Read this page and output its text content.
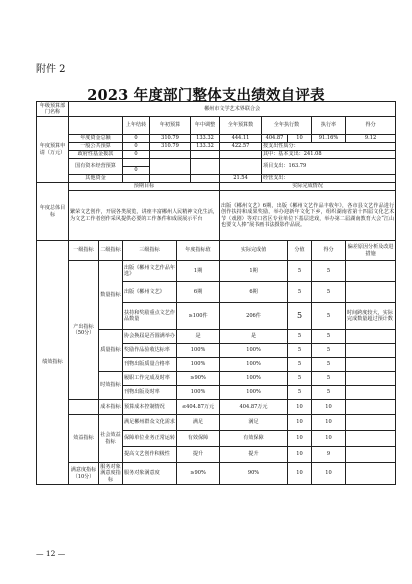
附件 2
2023 年度部门整体支出绩效自评表
年级预算部门名称	郴州市文学艺术界联合会										
年度预算申请（万元）			上年结转	年初预算		年中调整	全年预算数	全年执行数		执行率	得分
	年度资金总额		0	310.79		133.32	444.11	404.87	10	91.16%	9.12
	一般公共预算		0	310.79		133.32	422.57	按支出性质分：			
	政府性基金拨款		0					其中：基本支出：241.08			
	国有资本经营预算							项目支出：163.79			
			0								
	其他资金						21.54	经营支出：			
年度总体目标	预期目标						实际完成情况				
	繁荣文艺创作，开展各类展览，讲座丰富郴州人民精神文化生活，为文艺工作者创作采风提供必要的工作条件和成展展示平台						出版《郴州文艺》6期，出版《郴州文艺作品丰收年》，各市县文艺作品进行创作扶持和成果奖励，举办迎新年文化下乡，组织湖南省第十四届文化艺术节（戏剧）等对口省区专业单位下基层送戏，举办第二届湖南教育大会“江山也要文人捧”展书画书法摄影作品展。				
绩效指标	一级指标	二级指标	三级指标		年度指标值		实际完成值		分值	得分	偏差原因分析及改进措施
	产出指标（50分）	数量指标	出版《郴州文艺作品年选》		1期		1期		5	5	
			出版《郴州文艺》		6期		6期		5	5	
			扶持和奖励重点文艺作品数量		≥100件		206件		5	5	时间跨度较大，实际完成数量超过预计数
		质量指标	协会换届是否圆满举办		是		是		5	5	
			奖励作品验收达标率		100%		100%		5	5	
			刊物出版质量合格率		100%		100%		5	5	
		时效指标	履职工作完成及时率		≥90%		100%		5	5	
			刊物出版及时率		100%		100%		5	5	
		成本指标	预算成本控制情况		≤404.87万元		404.87万元		10	10	
	效益指标	社会效益指标	满足郴州群众文化需求		满足		满足		10	10	
			保障单位业务正常运转		有效保障		有效保障		10	10	
			提高文艺创作积极性		提升		提升		10	9	
	满意度指标（10分）	服务对象满意度指标	服务对象满意度		≥90%		90%		10	10	
— 12 —
